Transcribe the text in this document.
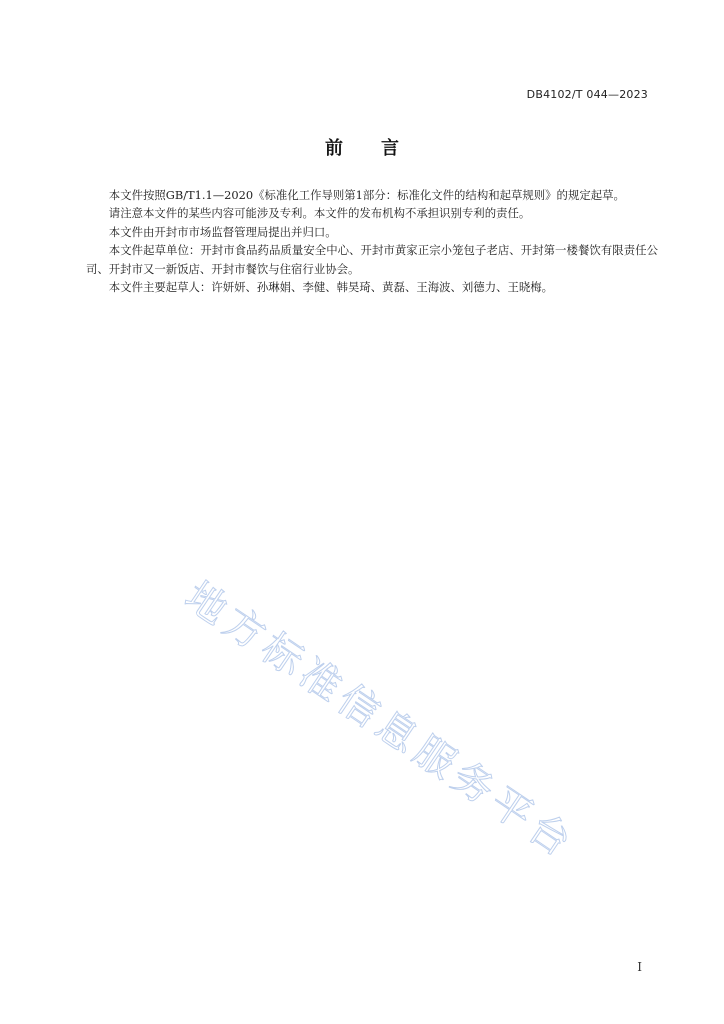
DB4102/T 044—2023
前言

本文件按照GB/T1.1—2020《标准化工作导则第1部分：标准化文件的结构和起草规则》的规定起草。

请注意本文件的某些内容可能涉及专利。本文件的发布机构不承担识别专利的责任。

本文件由开封市市场监督管理局提出并归口。

本文件起草单位：开封市食品药品质量安全中心、开封市黄家正宗小笼包子老店、开封第一楼餐饮有限责任公司、开封市又一新饭店、开封市餐饮与住宿行业协会。

本文件主要起草人：许妍妍、孙琳娟、李健、韩昊琦、黄磊、王海波、刘德力、王晓梅。

地方标准信息服务平台
I
